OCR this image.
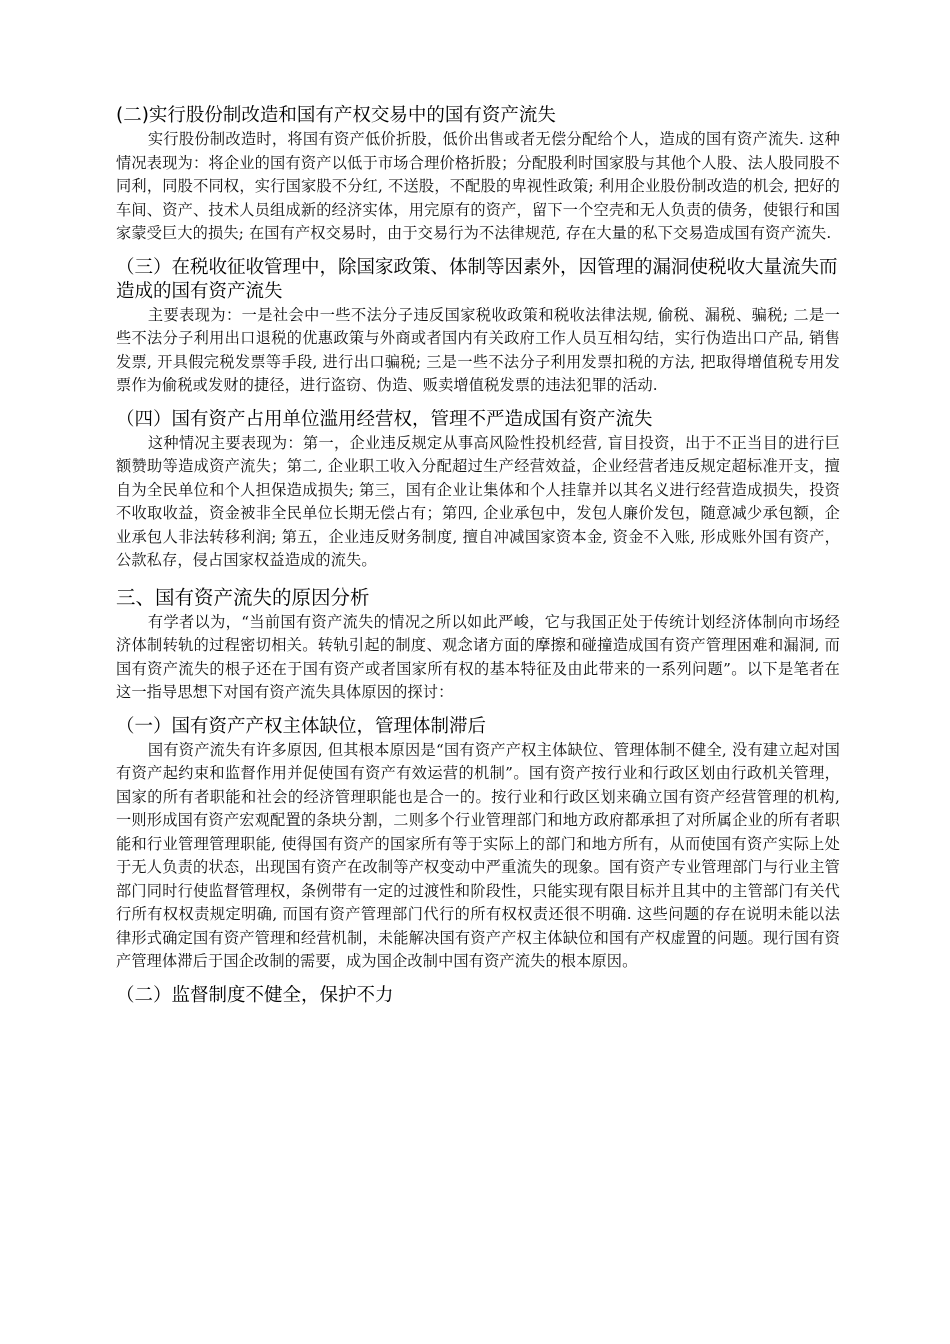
(二)实行股份制改造和国有产权交易中的国有资产流失

实行股份制改造时，将国有资产低价折股，低价出售或者无偿分配给个人，造成的国有资产流失. 这种情况表现为：将企业的国有资产以低于市场合理价格折股；分配股利时国家股与其他个人股、法人股同股不同利，同股不同权，实行国家股不分红, 不送股，不配股的卑视性政策; 利用企业股份制改造的机会, 把好的车间、资产、技术人员组成新的经济实体，用完原有的资产，留下一个空壳和无人负责的债务，使银行和国家蒙受巨大的损失; 在国有产权交易时，由于交易行为不法律规范, 存在大量的私下交易造成国有资产流失.

（三）在税收征收管理中，除国家政策、体制等因素外，因管理的漏洞使税收大量流失而造成的国有资产流失

主要表现为：一是社会中一些不法分子违反国家税收政策和税收法律法规, 偷税、漏税、骗税; 二是一些不法分子利用出口退税的优惠政策与外商或者国内有关政府工作人员互相勾结，实行伪造出口产品, 销售发票, 开具假完税发票等手段, 进行出口骗税; 三是一些不法分子利用发票扣税的方法, 把取得增值税专用发票作为偷税或发财的捷径，进行盗窃、伪造、贩卖增值税发票的违法犯罪的活动.

（四）国有资产占用单位滥用经营权，管理不严造成国有资产流失

这种情况主要表现为：第一，企业违反规定从事高风险性投机经营, 盲目投资，出于不正当目的进行巨额赞助等造成资产流失；第二, 企业职工收入分配超过生产经营效益，企业经营者违反规定超标准开支，擅自为全民单位和个人担保造成损失; 第三，国有企业让集体和个人挂靠并以其名义进行经营造成损失，投资不收取收益，资金被非全民单位长期无偿占有；第四, 企业承包中，发包人廉价发包，随意减少承包额，企业承包人非法转移利润; 第五，企业违反财务制度, 擅自冲减国家资本金, 资金不入账, 形成账外国有资产，公款私存，侵占国家权益造成的流失。

三、国有资产流失的原因分析

有学者以为，“当前国有资产流失的情况之所以如此严峻，它与我国正处于传统计划经济体制向市场经济体制转轨的过程密切相关。转轨引起的制度、观念诸方面的摩擦和碰撞造成国有资产管理困难和漏洞, 而国有资产流失的根子还在于国有资产或者国家所有权的基本特征及由此带来的一系列问题”。以下是笔者在这一指导思想下对国有资产流失具体原因的探讨：

（一）国有资产产权主体缺位，管理体制滞后

国有资产流失有许多原因, 但其根本原因是“国有资产产权主体缺位、管理体制不健全, 没有建立起对国有资产起约束和监督作用并促使国有资产有效运营的机制”。国有资产按行业和行政区划由行政机关管理，国家的所有者职能和社会的经济管理职能也是合一的。按行业和行政区划来确立国有资产经营管理的机构, 一则形成国有资产宏观配置的条块分割，二则多个行业管理部门和地方政府都承担了对所属企业的所有者职能和行业管理管理职能, 使得国有资产的国家所有等于实际上的部门和地方所有，从而使国有资产实际上处于无人负责的状态，出现国有资产在改制等产权变动中严重流失的现象。国有资产专业管理部门与行业主管部门同时行使监督管理权，条例带有一定的过渡性和阶段性，只能实现有限目标并且其中的主管部门有关代行所有权权责规定明确, 而国有资产管理部门代行的所有权权责还很不明确. 这些问题的存在说明未能以法律形式确定国有资产管理和经营机制，未能解决国有资产产权主体缺位和国有产权虚置的问题。现行国有资产管理体滞后于国企改制的需要，成为国企改制中国有资产流失的根本原因。

（二）监督制度不健全，保护不力
